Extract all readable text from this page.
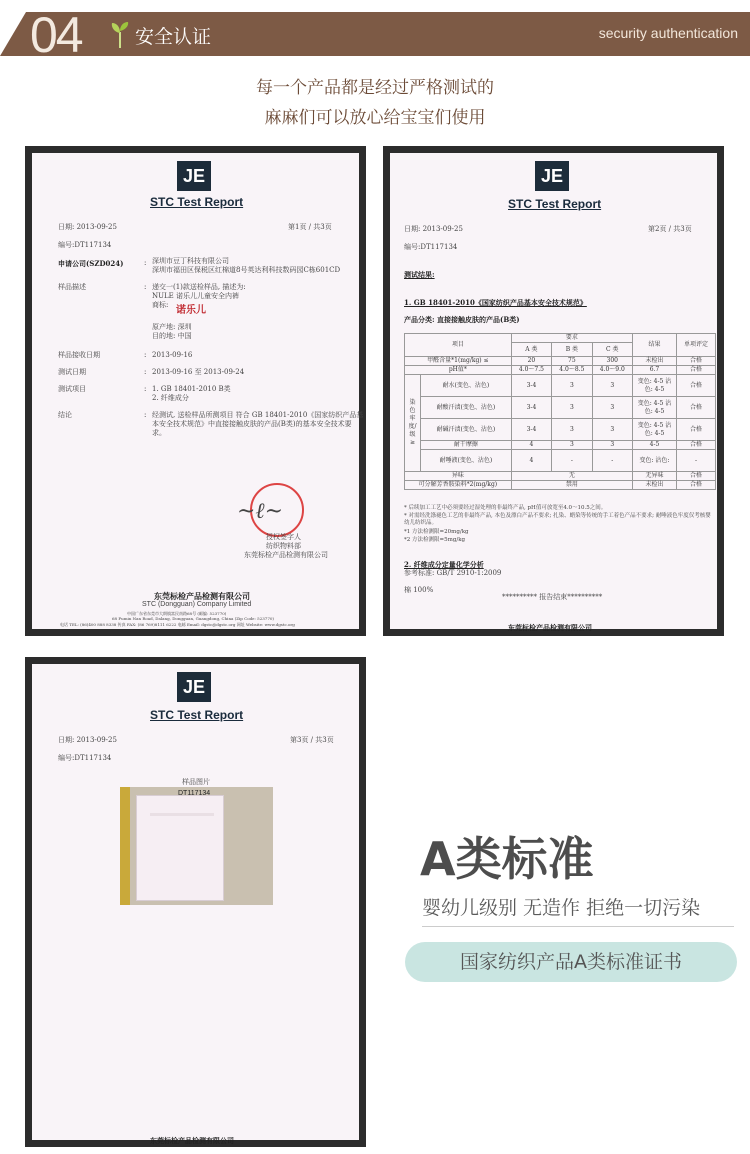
04	安全认证	security authentication
每一个产品都是经过严格测试的
麻麻们可以放心给宝宝们使用
JE
STC Test Report
日期: 2013-09-25	第1页 / 共3页
编号:DT117134
申请公司(SZD024)	: 深圳市豆丁科技有限公司
深圳市福田区保税区红棉道8号英达利科技数码园C栋601CD
样品描述	: 递交一(1)款送检样品, 描述为:
NULE 诺乐儿儿童安全内裤
商标: 诺乐儿
原产地: 深圳
目的地: 中国
样品接收日期	: 2013-09-16
测试日期	: 2013-09-16 至 2013-09-24
测试项目	: 1. GB 18401-2010 B类
2. 纤维成分
结论	: 经测试, 送检样品所测项目 符合 GB 18401-2010《国家纺织产品基
本安全技术规范》中直接接触皮肤的产品(B类)的基本安全技术要
求。
~ℓ~
授权签字人
纺织物料部
东莞标检产品检测有限公司
东莞标检产品检测有限公司
STC (Dongguan) Company Limited
中国广东省东莞市大朗镇富民南路68号 (邮编: 523770)
68 Fumin Nan Road, Dalang, Dongguan, Guangdong, China (Zip Code: 523770)
电话 TEL: (86)400 888 8338 传真 FAX: (86 769)8111 6222 电邮 Email: dgstc@dgstc.org 网址 Website: www.dgstc.org
JE
STC Test Report
日期: 2013-09-25	第2页 / 共3页
编号:DT117134
测试结果:
1. GB 18401-2010《国家纺织产品基本安全技术规范》
产品分类: 直接接触皮肤的产品(B类)
项目		要求			结果	单项评定
		A 类	B 类	C 类		
甲醛含量*1(mg/kg) ≤		20	75	300	未检出	合格
pH值*		4.0～7.5	4.0～8.5	4.0～9.0	6.7	合格
染色牢度/级≥	耐水(变色、沾色)	3-4	3	3	变色: 4-5 沾色: 4-5	合格
	耐酸汗渍(变色、沾色)	3-4	3	3	变色: 4-5 沾色: 4-5	合格
	耐碱汗渍(变色、沾色)	3-4	3	3	变色: 4-5 沾色: 4-5	合格
	耐干摩擦	4	3	3	4-5	合格
	耐唾液(变色、沾色)	4	-	-	变色: 沾色:	-
异味		无			无异味	合格
可分解芳香胺染料*2(mg/kg)		禁用			未检出	合格
* 后续加工工艺中必须要经过湿处理的非最终产品, pH值可放宽至4.0～10.5之间。
* 对需经洗涤褪色工艺的非最终产品, 本色及漂白产品不要求; 扎染、蜡染等传统的手工着色产品不要求; 耐唾液色牢度仅考核婴幼儿纺织品。
*1 方法检测限=20mg/kg
*2 方法检测限=5mg/kg
2. 纤维成分定量化学分析
参考标准: GB/T 2910-1:2009
棉 100%
********** 报告结束**********
东莞标检产品检测有限公司
JE
STC Test Report
日期: 2013-09-25	第3页 / 共3页
编号:DT117134
样品图片
DT117134
东莞标检产品检测有限公司
A类标准
婴幼儿级别 无造作 拒绝一切污染
国家纺织产品A类标准证书
